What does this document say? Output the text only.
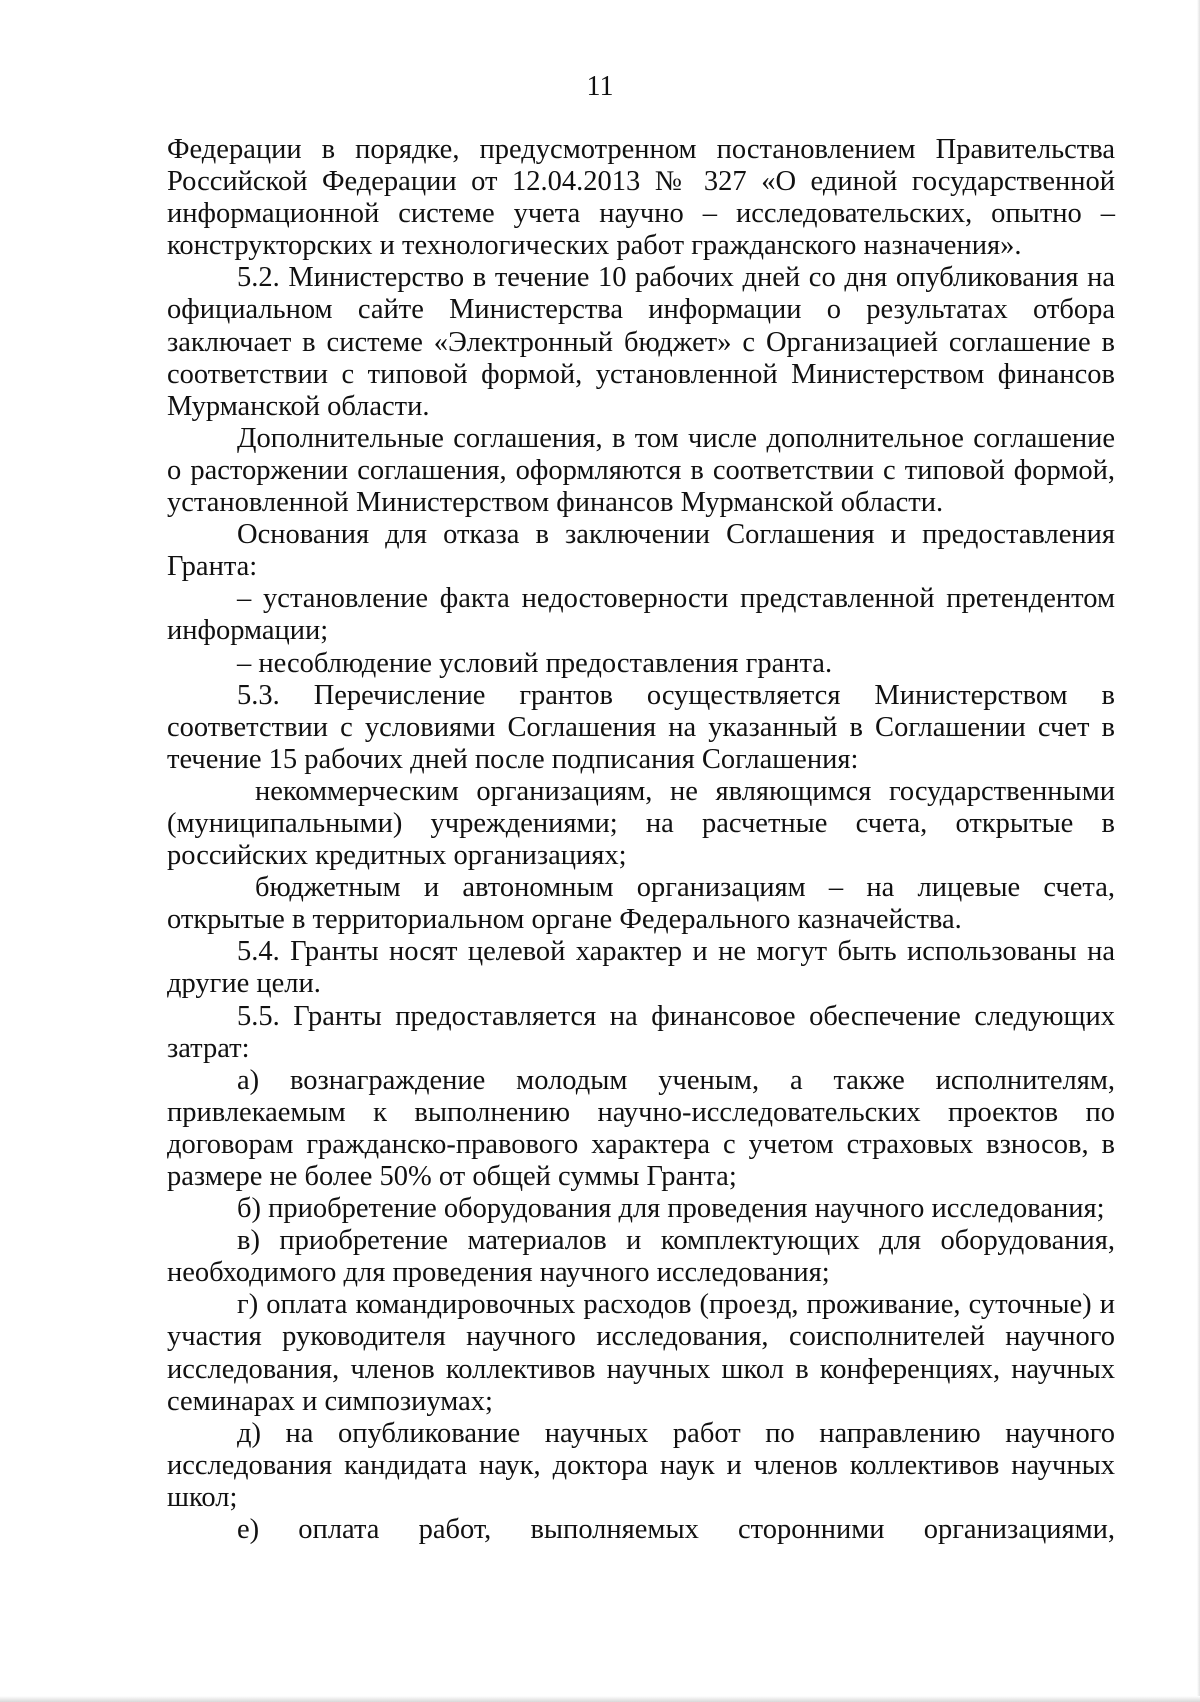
11

Федерации в порядке, предусмотренном постановлением Правительства Российской Федерации от 12.04.2013 № 327 «О единой государственной информационной системе учета научно – исследовательских, опытно – конструкторских и технологических работ гражданского назначения».

5.2. Министерство в течение 10 рабочих дней со дня опубликования на официальном сайте Министерства информации о результатах отбора заключает в системе «Электронный бюджет» с Организацией соглашение в соответствии с типовой формой, установленной Министерством финансов Мурманской области.

Дополнительные соглашения, в том числе дополнительное соглашение о расторжении соглашения, оформляются в соответствии с типовой формой, установленной Министерством финансов Мурманской области.

Основания для отказа в заключении Соглашения и предоставления Гранта:

– установление факта недостоверности представленной претендентом информации;

– несоблюдение условий предоставления гранта.

5.3. Перечисление грантов осуществляется Министерством в соответствии с условиями Соглашения на указанный в Соглашении счет в течение 15 рабочих дней после подписания Соглашения:

некоммерческим организациям, не являющимся государственными (муниципальными) учреждениями; на расчетные счета, открытые в российских кредитных организациях;

бюджетным и автономным организациям – на лицевые счета, открытые в территориальном органе Федерального казначейства.

5.4. Гранты носят целевой характер и не могут быть использованы на другие цели.

5.5. Гранты предоставляется на финансовое обеспечение следующих затрат:

а) вознаграждение молодым ученым, а также исполнителям, привлекаемым к выполнению научно-исследовательских проектов по договорам гражданско-правового характера с учетом страховых взносов, в размере не более 50% от общей суммы Гранта;

б) приобретение оборудования для проведения научного исследования;

в) приобретение материалов и комплектующих для оборудования, необходимого для проведения научного исследования;

г) оплата командировочных расходов (проезд, проживание, суточные) и участия руководителя научного исследования, соисполнителей научного исследования, членов коллективов научных школ в конференциях, научных семинарах и симпозиумах;

д) на опубликование научных работ по направлению научного исследования кандидата наук, доктора наук и членов коллективов научных школ;

е) оплата работ, выполняемых сторонними организациями,
